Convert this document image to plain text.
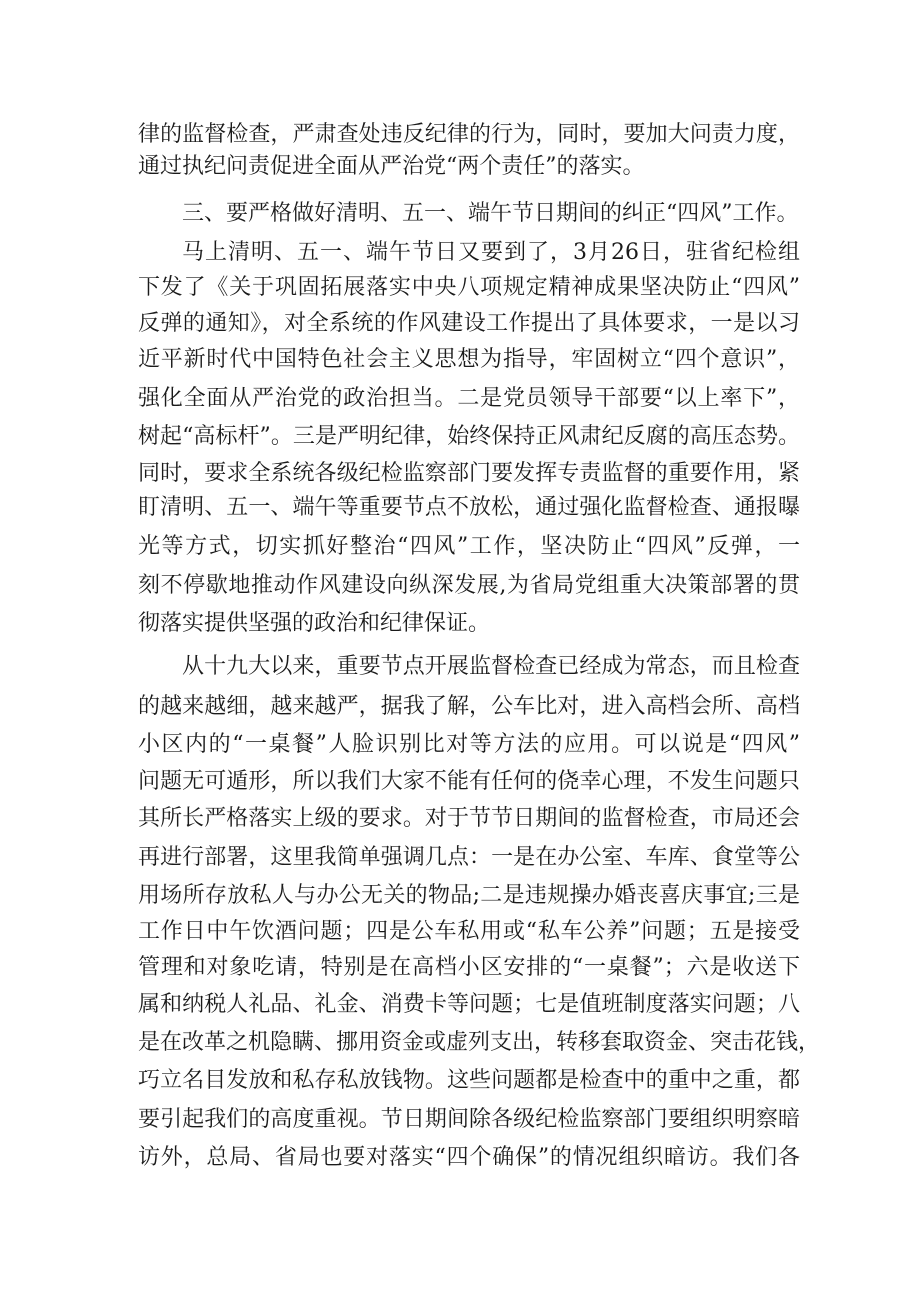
律的监督检查，严肃查处违反纪律的行为，同时，要加大问责力度，
通过执纪问责促进全面从严治党“两个责任”的落实。
三、要严格做好清明、五一、端午节日期间的纠正“四风”工作。
马上清明、五一、端午节日又要到了，3月26日，驻省纪检组
下发了《关于巩固拓展落实中央八项规定精神成果坚决防止“四风”
反弹的通知》，对全系统的作风建设工作提出了具体要求，一是以习
近平新时代中国特色社会主义思想为指导，牢固树立“四个意识”，
强化全面从严治党的政治担当。二是党员领导干部要“以上率下”，
树起“高标杆”。三是严明纪律，始终保持正风肃纪反腐的高压态势。
同时，要求全系统各级纪检监察部门要发挥专责监督的重要作用，紧
盯清明、五一、端午等重要节点不放松，通过强化监督检查、通报曝
光等方式，切实抓好整治“四风”工作，坚决防止“四风”反弹，一
刻不停歇地推动作风建设向纵深发展,为省局党组重大决策部署的贯
彻落实提供坚强的政治和纪律保证。
从十九大以来，重要节点开展监督检查已经成为常态，而且检查
的越来越细，越来越严，据我了解，公车比对，进入高档会所、高档
小区内的“一桌餐”人脸识别比对等方法的应用。可以说是“四风”
问题无可遁形，所以我们大家不能有任何的侥幸心理，不发生问题只
其所长严格落实上级的要求。对于节节日期间的监督检查，市局还会
再进行部署，这里我简单强调几点：一是在办公室、车库、食堂等公
用场所存放私人与办公无关的物品;二是违规操办婚丧喜庆事宜;三是
工作日中午饮酒问题；四是公车私用或“私车公养”问题；五是接受
管理和对象吃请，特别是在高档小区安排的“一桌餐”；六是收送下
属和纳税人礼品、礼金、消费卡等问题；七是值班制度落实问题；八
是在改革之机隐瞒、挪用资金或虚列支出，转移套取资金、突击花钱，
巧立名目发放和私存私放钱物。这些问题都是检查中的重中之重，都
要引起我们的高度重视。节日期间除各级纪检监察部门要组织明察暗
访外，总局、省局也要对落实“四个确保”的情况组织暗访。我们各
